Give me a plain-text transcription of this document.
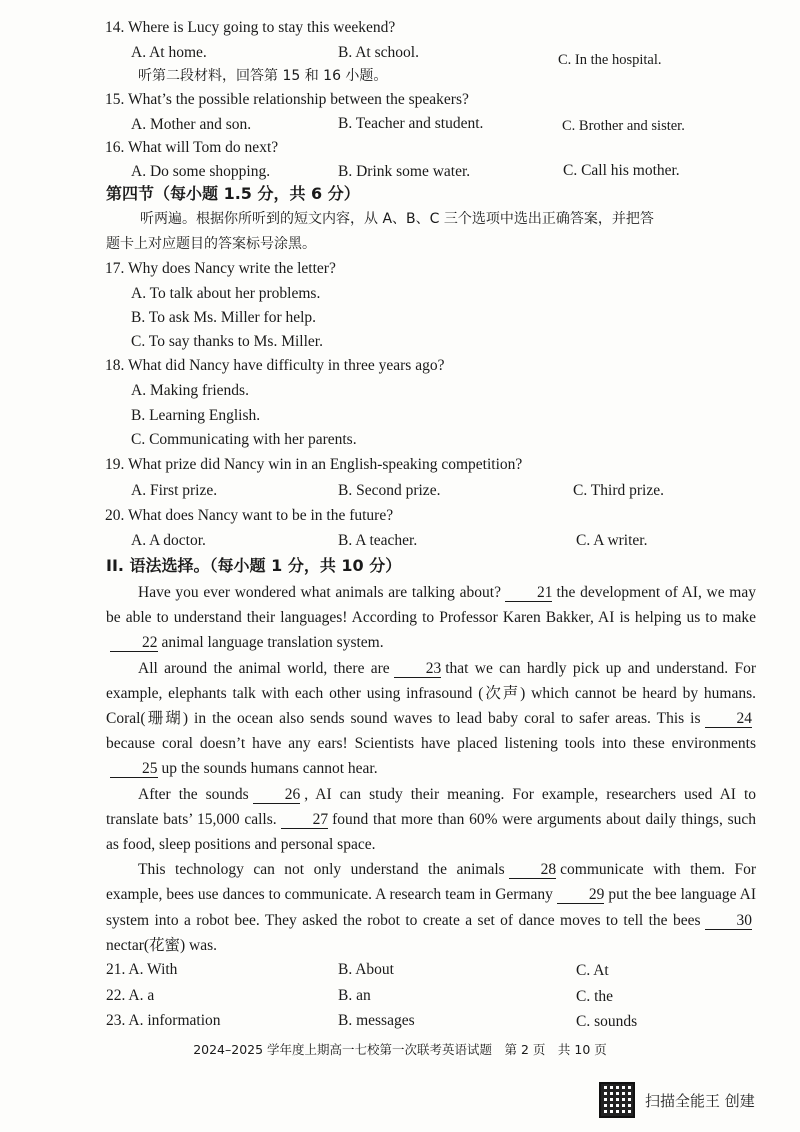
14. Where is Lucy going to stay this weekend?
A. At home.	B. At school.	C. In the hospital.
听第二段材料，回答第 15 和 16 小题。
15. What’s the possible relationship between the speakers?
A. Mother and son.	B. Teacher and student.	C. Brother and sister.
16. What will Tom do next?
A. Do some shopping.	B. Drink some water.	C. Call his mother.
第四节（每小题 1.5 分，共 6 分）
听两遍。根据你所听到的短文内容，从 A、B、C 三个选项中选出正确答案，并把答
题卡上对应题目的答案标号涂黑。
17. Why does Nancy write the letter?
A. To talk about her problems.
B. To ask Ms. Miller for help.
C. To say thanks to Ms. Miller.
18. What did Nancy have difficulty in three years ago?
A. Making friends.
B. Learning English.
C. Communicating with her parents.
19. What prize did Nancy win in an English-speaking competition?
A. First prize.	B. Second prize.	C. Third prize.
20. What does Nancy want to be in the future?
A. A doctor.	B. A teacher.	C. A writer.
II. 语法选择。（每小题 1 分，共 10 分）

Have you ever wondered what animals are talking about? 21 the development of AI, we may be able to understand their languages! According to Professor Karen Bakker, AI is helping us to make22 animal language translation system.

All around the animal world, there are 23 that we can hardly pick up and understand. For example, elephants talk with each other using infrasound (次声) which cannot be heard by humans. Coral(珊瑚) in the ocean also sends sound waves to lead baby coral to safer areas. This is 24because coral doesn’t have any ears! Scientists have placed listening tools into these environments25 up the sounds humans cannot hear.

After the sounds 26 , AI can study their meaning. For example, researchers used AI to translate bats’ 15,000 calls. 27 found that more than 60% were arguments about daily things, such as food, sleep positions and personal space.

This technology can not only understand the animals 28 communicate with them. For example, bees use dances to communicate. A research team in Germany 29 put the bee language AI system into a robot bee. They asked the robot to create a set of dance moves to tell the bees 30nectar(花蜜) was.

21. A. With	B. About	C. At
22. A. a	B. an	C. the
23. A. information	B. messages	C. sounds
2024–2025 学年度上期高一七校第一次联考英语试题　第 2 页　共 10 页
扫描全能王 创建
